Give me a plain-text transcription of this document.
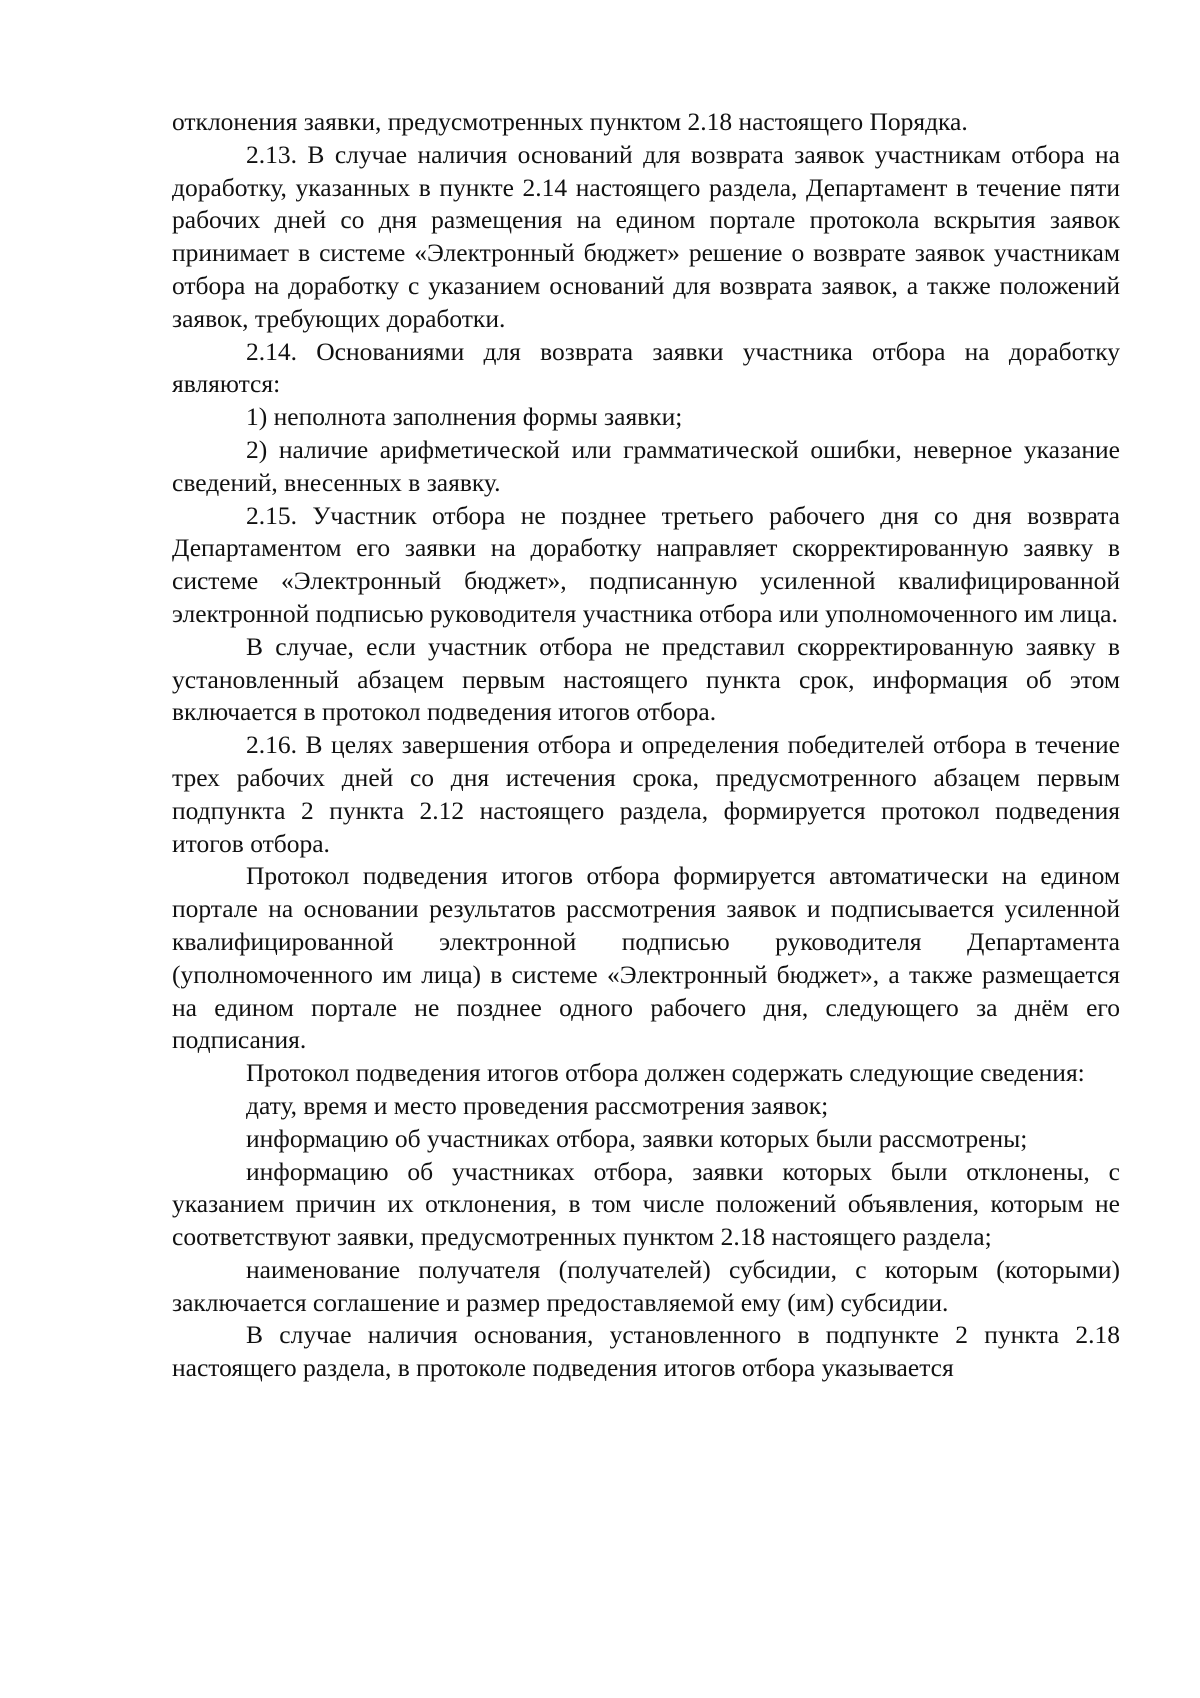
отклонения заявки, предусмотренных пунктом 2.18 настоящего Порядка.

2.13. В случае наличия оснований для возврата заявок участникам отбора на доработку, указанных в пункте 2.14 настоящего раздела, Департамент в течение пяти рабочих дней со дня размещения на едином портале протокола вскрытия заявок принимает в системе «Электронный бюджет» решение о возврате заявок участникам отбора на доработку с указанием оснований для возврата заявок, а также положений заявок, требующих доработки.

2.14. Основаниями для возврата заявки участника отбора на доработку являются:

1) неполнота заполнения формы заявки;

2) наличие арифметической или грамматической ошибки, неверное указание сведений, внесенных в заявку.

2.15. Участник отбора не позднее третьего рабочего дня со дня возврата Департаментом его заявки на доработку направляет скорректированную заявку в системе «Электронный бюджет», подписанную усиленной квалифицированной электронной подписью руководителя участника отбора или уполномоченного им лица.

В случае, если участник отбора не представил скорректированную заявку в установленный абзацем первым настоящего пункта срок, информация об этом включается в протокол подведения итогов отбора.

2.16. В целях завершения отбора и определения победителей отбора в течение трех рабочих дней со дня истечения срока, предусмотренного абзацем первым подпункта 2 пункта 2.12 настоящего раздела, формируется протокол подведения итогов отбора.

Протокол подведения итогов отбора формируется автоматически на едином портале на основании результатов рассмотрения заявок и подписывается усиленной квалифицированной электронной подписью руководителя Департамента (уполномоченного им лица) в системе «Электронный бюджет», а также размещается на едином портале не позднее одного рабочего дня, следующего за днём его подписания.

Протокол подведения итогов отбора должен содержать следующие сведения:

дату, время и место проведения рассмотрения заявок;

информацию об участниках отбора, заявки которых были рассмотрены;

информацию об участниках отбора, заявки которых были отклонены, с указанием причин их отклонения, в том числе положений объявления, которым не соответствуют заявки, предусмотренных пунктом 2.18 настоящего раздела;

наименование получателя (получателей) субсидии, с которым (которыми) заключается соглашение и размер предоставляемой ему (им) субсидии.

В случае наличия основания, установленного в подпункте 2 пункта 2.18 настоящего раздела, в протоколе подведения итогов отбора указывается
